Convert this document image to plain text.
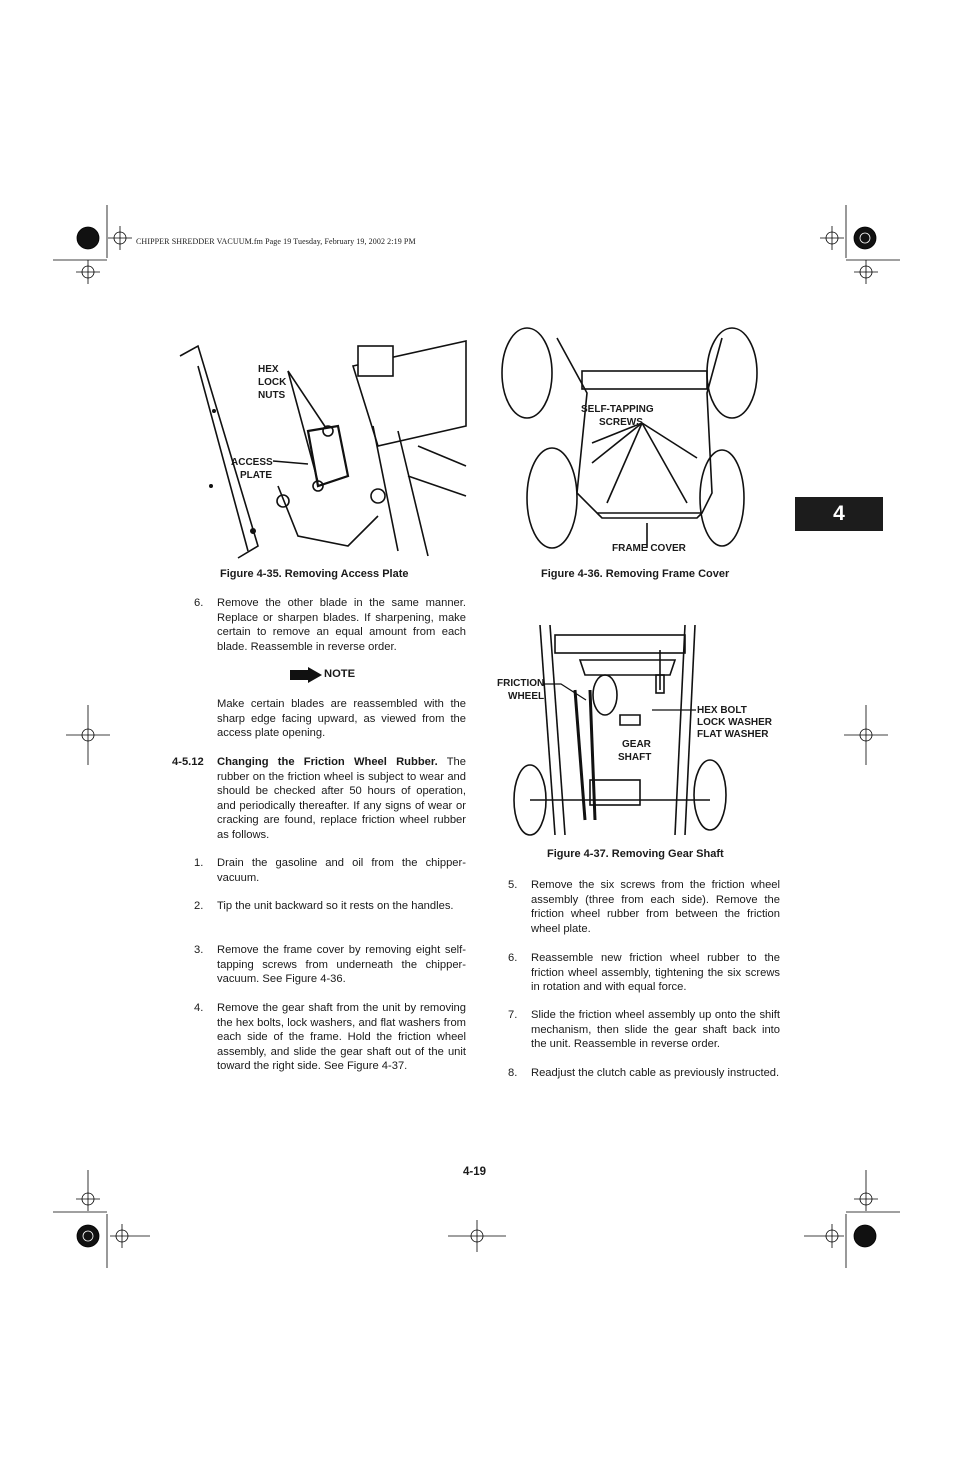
CHIPPER SHREDDER VACUUM.fm Page 19 Tuesday, February 19, 2002 2:19 PM
4
HEX
LOCK
NUTS
ACCESS
PLATE
Figure 4-35. Removing Access Plate
SELF-TAPPING
SCREWS
FRAME COVER
Figure 4-36. Removing Frame Cover
FRICTION
WHEEL
HEX BOLT
LOCK WASHER
FLAT WASHER
GEAR
SHAFT
Figure 4-37. Removing Gear Shaft
6. Remove the other blade in the same manner. Replace or sharpen blades. If sharpening, make certain to remove an equal amount from each blade. Reassemble in reverse order.
NOTE
Make certain blades are reassembled with the sharp edge facing upward, as viewed from the access plate opening.
4-5.12 Changing the Friction Wheel Rubber. The rubber on the friction wheel is subject to wear and should be checked after 50 hours of operation, and periodically thereafter. If any signs of wear or cracking are found, replace friction wheel rubber as follows.
1. Drain the gasoline and oil from the chipper-vacuum.
2. Tip the unit backward so it rests on the handles.
3. Remove the frame cover by removing eight self-tapping screws from underneath the chipper-vacuum. See Figure 4-36.
4. Remove the gear shaft from the unit by removing the hex bolts, lock washers, and flat washers from each side of the frame. Hold the friction wheel assembly, and slide the gear shaft out of the unit toward the right side. See Figure 4-37.
5. Remove the six screws from the friction wheel assembly (three from each side). Remove the friction wheel rubber from between the friction wheel plate.
6. Reassemble new friction wheel rubber to the friction wheel assembly, tightening the six screws in rotation and with equal force.
7. Slide the friction wheel assembly up onto the shift mechanism, then slide the gear shaft back into the unit. Reassemble in reverse order.
8. Readjust the clutch cable as previously instructed.
4-19
